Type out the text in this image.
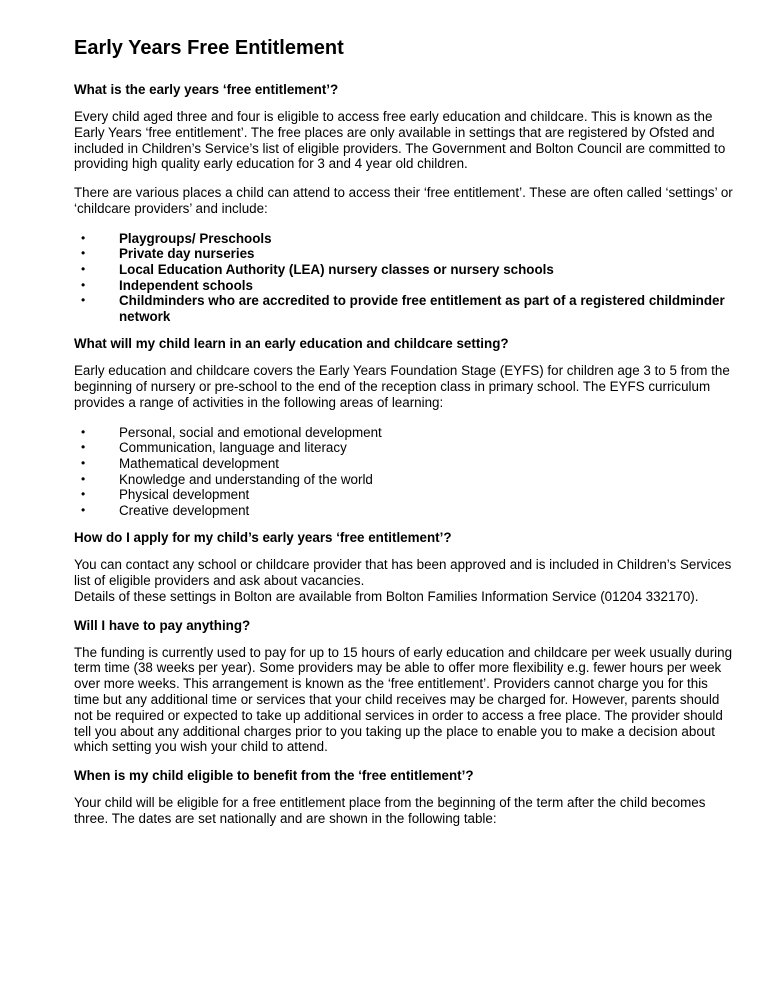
Early Years Free Entitlement
What is the early years ‘free entitlement’?

Every child aged three and four is eligible to access free early education and childcare. This is known as the Early Years ‘free entitlement’. The free places are only available in settings that are registered by Ofsted and included in Children’s Service’s list of eligible providers. The Government and Bolton Council are committed to providing high quality early education for 3 and 4 year old children.

There are various places a child can attend to access their ‘free entitlement’. These are often called ‘settings’ or ‘childcare providers’ and include:

•	Playgroups/ Preschools
•	Private day nurseries
•	Local Education Authority (LEA) nursery classes or nursery schools
•	Independent schools
•	Childminders who are accredited to provide free entitlement as part of a registered childminder network
What will my child learn in an early education and childcare setting?

Early education and childcare covers the Early Years Foundation Stage (EYFS) for children age 3 to 5 from the beginning of nursery or pre-school to the end of the reception class in primary school. The EYFS curriculum provides a range of activities in the following areas of learning:

•	Personal, social and emotional development
•	Communication, language and literacy
•	Mathematical development
•	Knowledge and understanding of the world
•	Physical development
•	Creative development
How do I apply for my child’s early years ‘free entitlement’?

You can contact any school or childcare provider that has been approved and is included in Children’s Services list of eligible providers and ask about vacancies.

Details of these settings in Bolton are available from Bolton Families Information Service (01204 332170).

Will I have to pay anything?

The funding is currently used to pay for up to 15 hours of early education and childcare per week usually during term time (38 weeks per year). Some providers may be able to offer more flexibility e.g. fewer hours per week over more weeks. This arrangement is known as the ‘free entitlement’. Providers cannot charge you for this time but any additional time or services that your child receives may be charged for. However, parents should not be required or expected to take up additional services in order to access a free place. The provider should tell you about any additional charges prior to you taking up the place to enable you to make a decision about which setting you wish your child to attend.

When is my child eligible to benefit from the ‘free entitlement’?

Your child will be eligible for a free entitlement place from the beginning of the term after the child becomes three. The dates are set nationally and are shown in the following table:
